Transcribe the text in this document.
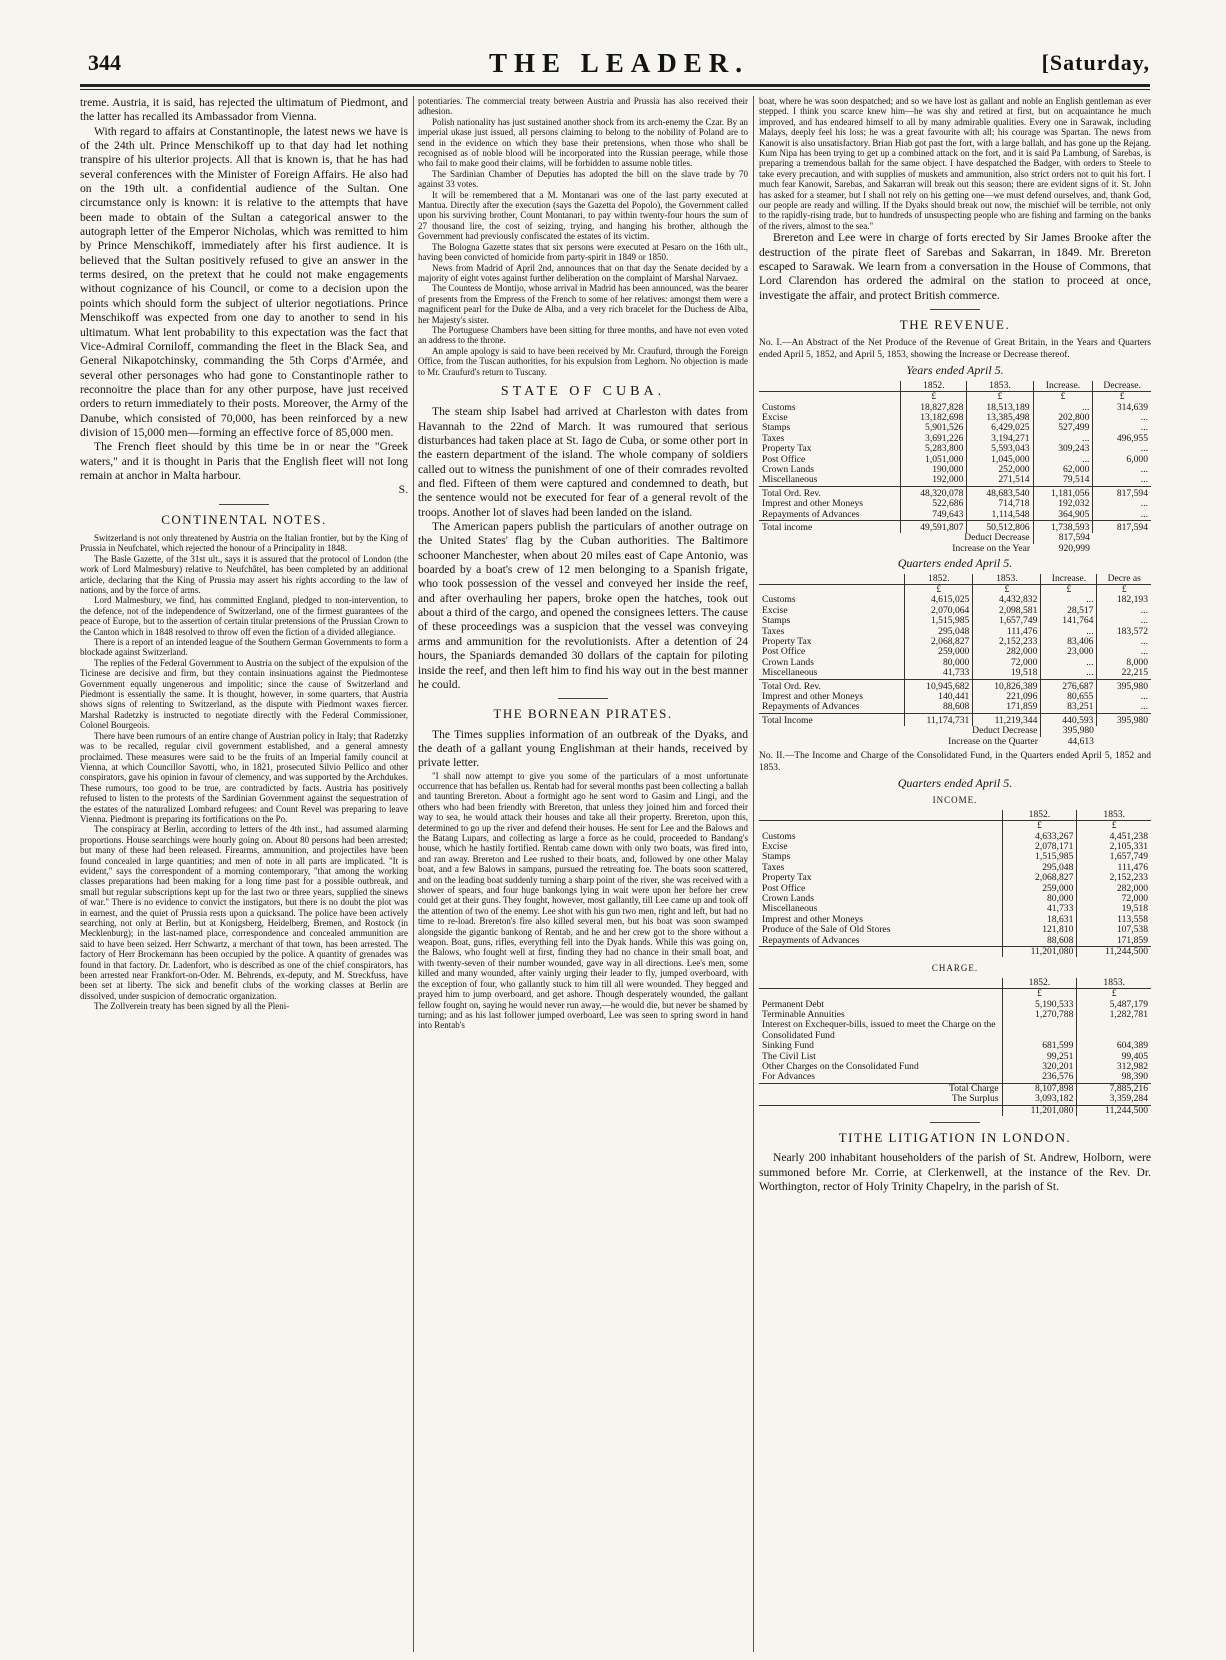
344	THE LEADER.	[Saturday,

treme. Austria, it is said, has rejected the ultimatum of Piedmont, and the latter has recalled its Ambassador from Vienna.

With regard to affairs at Constantinople, the latest news we have is of the 24th ult. Prince Menschikoff up to that day had let nothing transpire of his ulterior projects. All that is known is, that he has had several conferences with the Minister of Foreign Affairs. He also had on the 19th ult. a confidential audience of the Sultan. One circumstance only is known: it is relative to the attempts that have been made to obtain of the Sultan a categorical answer to the autograph letter of the Emperor Nicholas, which was remitted to him by Prince Menschikoff, immediately after his first audience. It is believed that the Sultan positively refused to give an answer in the terms desired, on the pretext that he could not make engagements without cognizance of his Council, or come to a decision upon the points which should form the subject of ulterior negotiations. Prince Menschikoff was expected from one day to another to send in his ultimatum. What lent probability to this expectation was the fact that Vice-Admiral Corniloff, commanding the fleet in the Black Sea, and General Nikapotchinsky, commanding the 5th Corps d'Armée, and several other personages who had gone to Constantinople rather to reconnoitre the place than for any other purpose, have just received orders to return immediately to their posts. Moreover, the Army of the Danube, which consisted of 70,000, has been reinforced by a new division of 15,000 men—forming an effective force of 85,000 men.

The French fleet should by this time be in or near the "Greek waters," and it is thought in Paris that the English fleet will not long remain at anchor in Malta harbour.

S.
CONTINENTAL NOTES.

Switzerland is not only threatened by Austria on the Italian frontier, but by the King of Prussia in Neufchatel, which rejected the honour of a Principality in 1848.

The Basle Gazette, of the 31st ult., says it is assured that the protocol of London (the work of Lord Malmesbury) relative to Neufchâtel, has been completed by an additional article, declaring that the King of Prussia may assert his rights according to the law of nations, and by the force of arms.

Lord Malmesbury, we find, has committed England, pledged to non-intervention, to the defence, not of the independence of Switzerland, one of the firmest guarantees of the peace of Europe, but to the assertion of certain titular pretensions of the Prussian Crown to the Canton which in 1848 resolved to throw off even the fiction of a divided allegiance.

There is a report of an intended league of the Southern German Governments to form a blockade against Switzerland.

The replies of the Federal Government to Austria on the subject of the expulsion of the Ticinese are decisive and firm, but they contain insinuations against the Piedmontese Government equally ungenerous and impolitic; since the cause of Switzerland and Piedmont is essentially the same. It is thought, however, in some quarters, that Austria shows signs of relenting to Switzerland, as the dispute with Piedmont waxes fiercer. Marshal Radetzky is instructed to negotiate directly with the Federal Commissioner, Colonel Bourgeois.

There have been rumours of an entire change of Austrian policy in Italy; that Radetzky was to be recalled, regular civil government established, and a general amnesty proclaimed. These measures were said to be the fruits of an Imperial family council at Vienna, at which Councillor Savotti, who, in 1821, prosecuted Silvio Pellico and other conspirators, gave his opinion in favour of clemency, and was supported by the Archdukes. These rumours, too good to be true, are contradicted by facts. Austria has positively refused to listen to the protests of the Sardinian Government against the sequestration of the estates of the naturalized Lombard refugees: and Count Revel was preparing to leave Vienna. Piedmont is preparing its fortifications on the Po.

The conspiracy at Berlin, according to letters of the 4th inst., had assumed alarming proportions. House searchings were hourly going on. About 80 persons had been arrested; but many of these had been released. Firearms, ammunition, and projectiles have been found concealed in large quantities; and men of note in all parts are implicated. "It is evident," says the correspondent of a morning contemporary, "that among the working classes preparations had been making for a long time past for a possible outbreak, and small but regular subscriptions kept up for the last two or three years, supplied the sinews of war." There is no evidence to convict the instigators, but there is no doubt the plot was in earnest, and the quiet of Prussia rests upon a quicksand. The police have been actively searching, not only at Berlin, but at Konigsberg, Heidelberg, Bremen, and Rostock (in Mecklenburg); in the last-named place, correspondence and concealed ammunition are said to have been seized. Herr Schwartz, a merchant of that town, has been arrested. The factory of Herr Brockemann has been occupied by the police. A quantity of grenades was found in that factory. Dr. Ladenfort, who is described as one of the chief conspirators, has been arrested near Frankfort-on-Oder. M. Behrends, ex-deputy, and M. Streckfuss, have been set at liberty. The sick and benefit clubs of the working classes at Berlin are dissolved, under suspicion of democratic organization.

The Zollverein treaty has been signed by all the Pleni-

potentiaries. The commercial treaty between Austria and Prussia has also received their adhesion.

Polish nationality has just sustained another shock from its arch-enemy the Czar. By an imperial ukase just issued, all persons claiming to belong to the nobility of Poland are to send in the evidence on which they base their pretensions, when those who shall be recognised as of noble blood will be incorporated into the Russian peerage, while those who fail to make good their claims, will be forbidden to assume noble titles.

The Sardinian Chamber of Deputies has adopted the bill on the slave trade by 70 against 33 votes.

It will be remembered that a M. Montanari was one of the last party executed at Mantua. Directly after the execution (says the Gazetta del Popolo), the Government called upon his surviving brother, Count Montanari, to pay within twenty-four hours the sum of 27 thousand lire, the cost of seizing, trying, and hanging his brother, although the Government had previously confiscated the estates of its victim.

The Bologna Gazette states that six persons were executed at Pesaro on the 16th ult., having been convicted of homicide from party-spirit in 1849 or 1850.

News from Madrid of April 2nd, announces that on that day the Senate decided by a majority of eight votes against further deliberation on the complaint of Marshal Narvaez.

The Countess de Montijo, whose arrival in Madrid has been announced, was the bearer of presents from the Empress of the French to some of her relatives: amongst them were a magnificent pearl for the Duke de Alba, and a very rich bracelet for the Duchess de Alba, her Majesty's sister.

The Portuguese Chambers have been sitting for three months, and have not even voted an address to the throne.

An ample apology is said to have been received by Mr. Craufurd, through the Foreign Office, from the Tuscan authorities, for his expulsion from Leghorn. No objection is made to Mr. Craufurd's return to Tuscany.

STATE OF CUBA.

The steam ship Isabel had arrived at Charleston with dates from Havannah to the 22nd of March. It was rumoured that serious disturbances had taken place at St. Iago de Cuba, or some other port in the eastern department of the island. The whole company of soldiers called out to witness the punishment of one of their comrades revolted and fled. Fifteen of them were captured and condemned to death, but the sentence would not be executed for fear of a general revolt of the troops. Another lot of slaves had been landed on the island.

The American papers publish the particulars of another outrage on the United States' flag by the Cuban authorities. The Baltimore schooner Manchester, when about 20 miles east of Cape Antonio, was boarded by a boat's crew of 12 men belonging to a Spanish frigate, who took possession of the vessel and conveyed her inside the reef, and after overhauling her papers, broke open the hatches, took out about a third of the cargo, and opened the consignees letters. The cause of these proceedings was a suspicion that the vessel was conveying arms and ammunition for the revolutionists. After a detention of 24 hours, the Spaniards demanded 30 dollars of the captain for piloting inside the reef, and then left him to find his way out in the best manner he could.

THE BORNEAN PIRATES.

The Times supplies information of an outbreak of the Dyaks, and the death of a gallant young Englishman at their hands, received by private letter.

"I shall now attempt to give you some of the particulars of a most unfortunate occurrence that has befallen us. Rentab had for several months past been collecting a ballah and taunting Brereton. About a fortnight ago he sent word to Gasim and Lingi, and the others who had been friendly with Brereton, that unless they joined him and forced their way to sea, he would attack their houses and take all their property. Brereton, upon this, determined to go up the river and defend their houses. He sent for Lee and the Balows and the Batang Lupars, and collecting as large a force as he could, proceeded to Bandang's house, which he hastily fortified. Rentab came down with only two boats, was fired into, and ran away. Brereton and Lee rushed to their boats, and, followed by one other Malay boat, and a few Balows in sampans, pursued the retreating foe. The boats soon scattered, and on the leading boat suddenly turning a sharp point of the river, she was received with a shower of spears, and four huge bankongs lying in wait were upon her before her crew could get at their guns. They fought, however, most gallantly, till Lee came up and took off the attention of two of the enemy. Lee shot with his gun two men, right and left, but had no time to re-load. Brereton's fire also killed several men, but his boat was soon swamped alongside the gigantic bankong of Rentab, and he and her crew got to the shore without a weapon. Boat, guns, rifles, everything fell into the Dyak hands. While this was going on, the Balows, who fought well at first, finding they had no chance in their small boat, and with twenty-seven of their number wounded, gave way in all directions. Lee's men, some killed and many wounded, after vainly urging their leader to fly, jumped overboard, with the exception of four, who gallantly stuck to him till all were wounded. They begged and prayed him to jump overboard, and get ashore. Though desperately wounded, the gallant fellow fought on, saying he would never run away,—he would die, but never be shamed by turning; and as his last follower jumped overboard, Lee was seen to spring sword in hand into Rentab's

boat, where he was soon despatched; and so we have lost as gallant and noble an English gentleman as ever stepped. I think you scarce knew him—he was shy and retired at first, but on acquaintance he much improved, and has endeared himself to all by many admirable qualities. Every one in Sarawak, including Malays, deeply feel his loss; he was a great favourite with all; his courage was Spartan. The news from Kanowit is also unsatisfactory. Brian Hiab got past the fort, with a large ballah, and has gone up the Rejang. Kum Nipa has been trying to get up a combined attack on the fort, and it is said Pa Lambung, of Sarebas, is preparing a tremendous ballah for the same object. I have despatched the Badger, with orders to Steele to take every precaution, and with supplies of muskets and ammunition, also strict orders not to quit his fort. I much fear Kanowit, Sarebas, and Sakarran will break out this season; there are evident signs of it. St. John has asked for a steamer, but I shall not rely on his getting one—we must defend ourselves, and, thank God, our people are ready and willing. If the Dyaks should break out now, the mischief will be terrible, not only to the rapidly-rising trade, but to hundreds of unsuspecting people who are fishing and farming on the banks of the rivers, almost to the sea."

Brereton and Lee were in charge of forts erected by Sir James Brooke after the destruction of the pirate fleet of Sarebas and Sakarran, in 1849. Mr. Brereton escaped to Sarawak. We learn from a conversation in the House of Commons, that Lord Clarendon has ordered the admiral on the station to proceed at once, investigate the affair, and protect British commerce.

THE REVENUE.

No. I.—An Abstract of the Net Produce of the Revenue of Great Britain, in the Years and Quarters ended April 5, 1852, and April 5, 1853, showing the Increase or Decrease thereof.

Years ended April 5.
	1852.	1853.	Increase.	Decrease.
	£	£	£	£
Customs	18,827,828	18,513,189	...	314,639
Excise	13,182,698	13,385,498	202,800	...
Stamps	5,901,526	6,429,025	527,499	...
Taxes	3,691,226	3,194,271	...	496,955
Property Tax	5,283,800	5,593,043	309,243	...
Post Office	1,051,000	1,045,000	...	6,000
Crown Lands	190,000	252,000	62,000	...
Miscellaneous	192,000	271,514	79,514	...
Total Ord. Rev.	48,320,078	48,683,540	1,181,056	817,594
Imprest and other Moneys	522,686	714,718	192,032	...
Repayments of Advances	749,643	1,114,548	364,905	...
Total income	49,591,807	50,512,806	1,738,593	817,594
Deduct Decrease			817,594	
Increase on the Year			920,999	
Quarters ended April 5.
	1852.	1853.	Increase.	Decre as
	£	£	£	£
Customs	4,615,025	4,432,832	...	182,193
Excise	2,070,064	2,098,581	28,517	...
Stamps	1,515,985	1,657,749	141,764	...
Taxes	295,048	111,476	...	183,572
Property Tax	2,068,827	2,152,233	83,406	...
Post Office	259,000	282,000	23,000	...
Crown Lands	80,000	72,000	...	8,000
Miscellaneous	41,733	19,518	...	22,215
Total Ord. Rev.	10,945,682	10,826,389	276,687	395,980
Imprest and other Moneys	140,441	221,096	80,655	...
Repayments of Advances	88,608	171,859	83,251	...
Total Income	11,174,731	11,219,344	440,593	395,980
Deduct Decrease			395,980	
Increase on the Quarter			44,613	

No. II.—The Income and Charge of the Consolidated Fund, in the Quarters ended April 5, 1852 and 1853.

Quarters ended April 5.
INCOME.
	1852.	1853.
	£	£
Customs	4,633,267	4,451,238
Excise	2,078,171	2,105,331
Stamps	1,515,985	1,657,749
Taxes	295,048	111,476
Property Tax	2,068,827	2,152,233
Post Office	259,000	282,000
Crown Lands	80,000	72,000
Miscellaneous	41,733	19,518
Imprest and other Moneys	18,631	113,558
Produce of the Sale of Old Stores	121,810	107,538
Repayments of Advances	88,608	171,859
	11,201,080	11,244,500
CHARGE.
	1852.	1853.
	£	£
Permanent Debt	5,190,533	5,487,179
Terminable Annuities	1,270,788	1,282,781
Interest on Exchequer-bills, issued to meet the Charge on the Consolidated Fund		
Sinking Fund	681,599	604,389
The Civil List	99,251	99,405
Other Charges on the Consolidated Fund	320,201	312,982
For Advances	236,576	98,390
Total Charge	8,107,898	7,885,216
The Surplus	3,093,182	3,359,284
	11,201,080	11,244,500
TITHE LITIGATION IN LONDON.

Nearly 200 inhabitant householders of the parish of St. Andrew, Holborn, were summoned before Mr. Corrie, at Clerkenwell, at the instance of the Rev. Dr. Worthington, rector of Holy Trinity Chapelry, in the parish of St.
